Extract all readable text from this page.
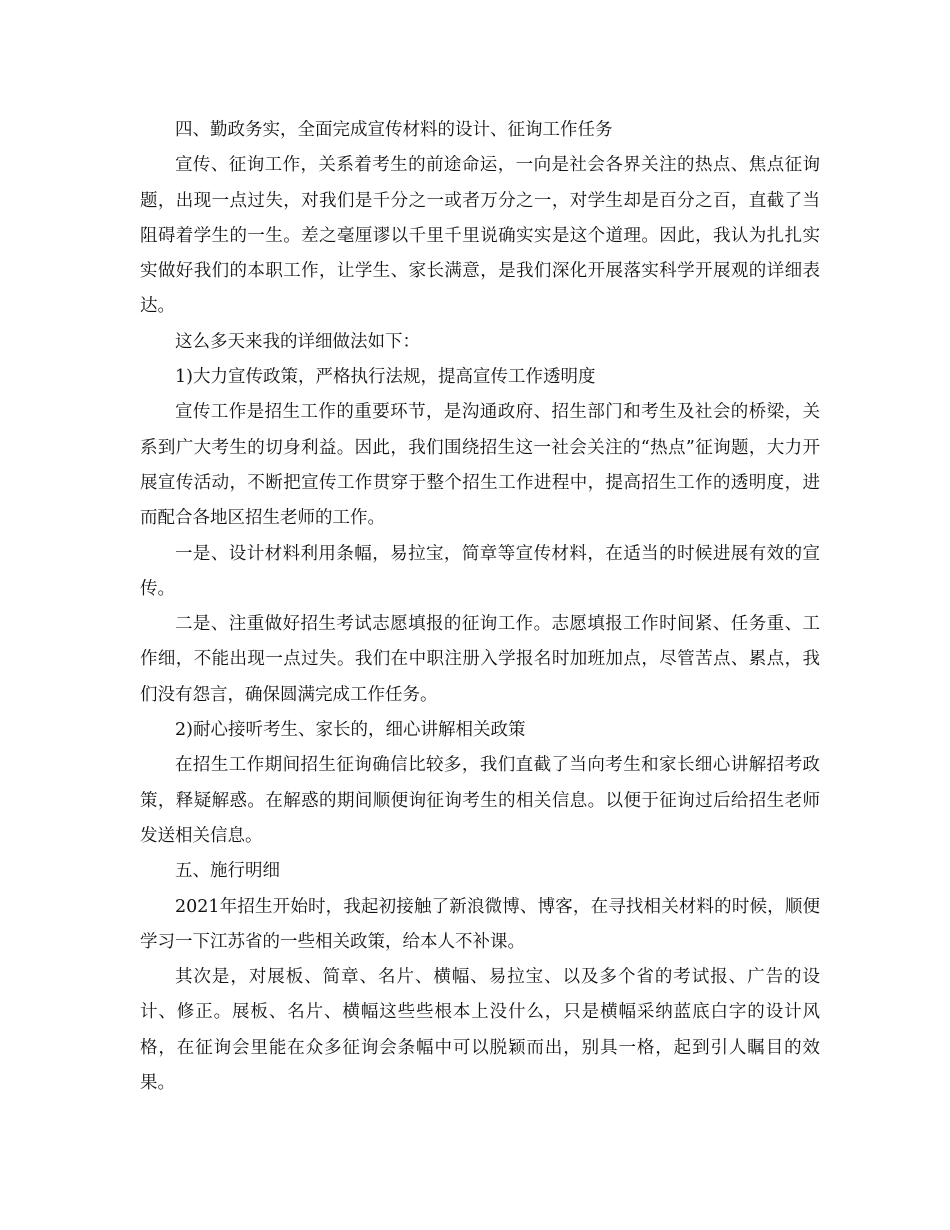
四、勤政务实，全面完成宣传材料的设计、征询工作任务

宣传、征询工作，关系着考生的前途命运，一向是社会各界关注的热点、焦点征询题，出现一点过失，对我们是千分之一或者万分之一，对学生却是百分之百，直截了当阻碍着学生的一生。差之毫厘谬以千里千里说确实实是这个道理。因此，我认为扎扎实实做好我们的本职工作，让学生、家长满意，是我们深化开展落实科学开展观的详细表达。

这么多天来我的详细做法如下：

1)大力宣传政策，严格执行法规，提高宣传工作透明度

宣传工作是招生工作的重要环节，是沟通政府、招生部门和考生及社会的桥梁，关系到广大考生的切身利益。因此，我们围绕招生这一社会关注的“热点”征询题，大力开展宣传活动，不断把宣传工作贯穿于整个招生工作进程中，提高招生工作的透明度，进而配合各地区招生老师的工作。

一是、设计材料利用条幅，易拉宝，简章等宣传材料，在适当的时候进展有效的宣传。

二是、注重做好招生考试志愿填报的征询工作。志愿填报工作时间紧、任务重、工作细，不能出现一点过失。我们在中职注册入学报名时加班加点，尽管苦点、累点，我们没有怨言，确保圆满完成工作任务。

2)耐心接听考生、家长的，细心讲解相关政策

在招生工作期间招生征询确信比较多，我们直截了当向考生和家长细心讲解招考政策，释疑解惑。在解惑的期间顺便询征询考生的相关信息。以便于征询过后给招生老师发送相关信息。

五、施行明细

2021年招生开始时，我起初接触了新浪微博、博客，在寻找相关材料的时候，顺便学习一下江苏省的一些相关政策，给本人不补课。

其次是，对展板、简章、名片、横幅、易拉宝、以及多个省的考试报、广告的设计、修正。展板、名片、横幅这些些根本上没什么，只是横幅采纳蓝底白字的设计风格，在征询会里能在众多征询会条幅中可以脱颖而出，别具一格，起到引人瞩目的效果。
